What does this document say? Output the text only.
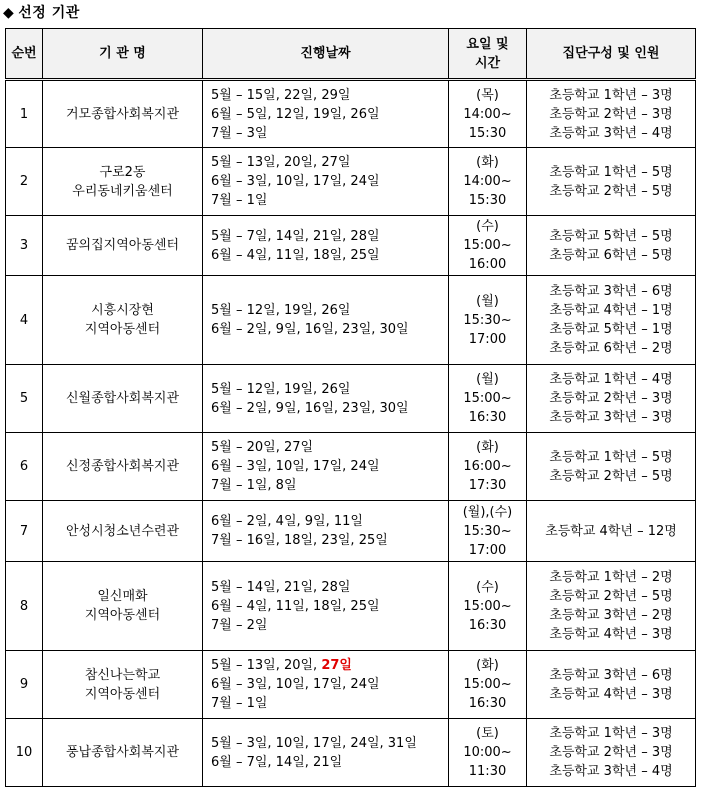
◆ 선정 기관
순번	기 관 명	진행날짜	요일 및
시간	집단구성 및 인원
1	거모종합사회복지관	5월 – 15일, 22일, 29일
6월 – 5일, 12일, 19일, 26일
7월 – 3일	(목)
14:00~
15:30	초등학교 1학년 – 3명
초등학교 2학년 – 3명
초등학교 3학년 – 4명

2	구로2동
우리동네키움센터	5월 – 13일, 20일, 27일
6월 – 3일, 10일, 17일, 24일
7월 – 1일	(화)
14:00~
15:30	초등학교 1학년 – 5명
초등학교 2학년 – 5명

3	꿈의집지역아동센터	5월 – 7일, 14일, 21일, 28일
6월 – 4일, 11일, 18일, 25일	(수)
15:00~
16:00	초등학교 5학년 – 5명
초등학교 6학년 – 5명

4	시흥시장현
지역아동센터	5월 – 12일, 19일, 26일
6월 – 2일, 9일, 16일, 23일, 30일	(월)
15:30~
17:00	초등학교 3학년 – 6명
초등학교 4학년 – 1명
초등학교 5학년 – 1명
초등학교 6학년 – 2명

5	신월종합사회복지관	5월 – 12일, 19일, 26일
6월 – 2일, 9일, 16일, 23일, 30일	(월)
15:00~
16:30	초등학교 1학년 – 4명
초등학교 2학년 – 3명
초등학교 3학년 – 3명

6	신정종합사회복지관	5월 – 20일, 27일
6월 – 3일, 10일, 17일, 24일
7월 – 1일, 8일	(화)
16:00~
17:30	초등학교 1학년 – 5명
초등학교 2학년 – 5명

7	안성시청소년수련관	6월 – 2일, 4일, 9일, 11일
7월 – 16일, 18일, 23일, 25일	(월),(수)
15:30~
17:00	초등학교 4학년 – 12명

8	일신매화
지역아동센터	5월 – 14일, 21일, 28일
6월 – 4일, 11일, 18일, 25일
7월 – 2일	(수)
15:00~
16:30	초등학교 1학년 – 2명
초등학교 2학년 – 5명
초등학교 3학년 – 2명
초등학교 4학년 – 3명

9	참신나는학교
지역아동센터	5월 – 13일, 20일, 27일
6월 – 3일, 10일, 17일, 24일
7월 – 1일	(화)
15:00~
16:30	초등학교 3학년 – 6명
초등학교 4학년 – 3명

10	풍납종합사회복지관	5월 – 3일, 10일, 17일, 24일, 31일
6월 – 7일, 14일, 21일	(토)
10:00~
11:30	초등학교 1학년 – 3명
초등학교 2학년 – 3명
초등학교 3학년 – 4명
